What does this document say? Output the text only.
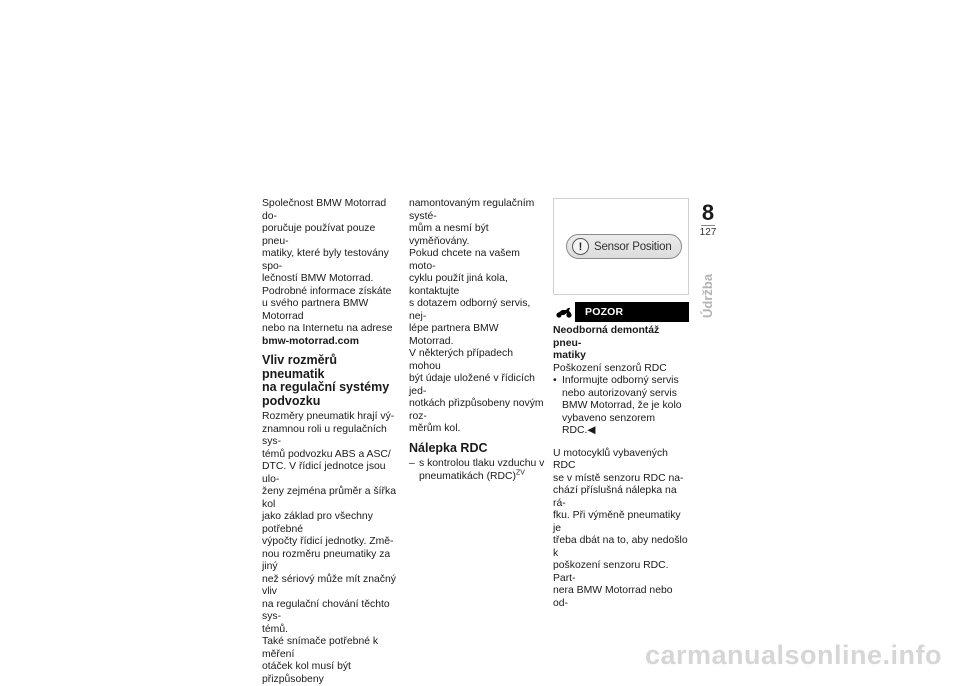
Společnost BMW Motorrad do-
poručuje používat pouze pneu-
matiky, které byly testovány spo-
lečností BMW Motorrad.
Podrobné informace získáte
u svého partnera BMW Motorrad
nebo na Internetu na adrese
bmw-motorrad.com

Vliv rozměrů pneumatik
na regulační systémy
podvozku

Rozměry pneumatik hrají vý-
znamnou roli u regulačních sys-
témů podvozku ABS a ASC/
DTC. V řídicí jednotce jsou ulo-
ženy zejména průměr a šířka kol
jako základ pro všechny potřebné
výpočty řídicí jednotky. Změ-
nou rozměru pneumatiky za jiný
než sériový může mít značný vliv
na regulační chování těchto sys-
témů.
Také snímače potřebné k měření
otáček kol musí být přizpůsobeny

namontovaným regulačním systé-
mům a nesmí být vyměňovány.
Pokud chcete na vašem moto-
cyklu použít jiná kola, kontaktujte
s dotazem odborný servis, nej-
lépe partnera BMW Motorrad.
V některých případech mohou
být údaje uložené v řídicích jed-
notkách přizpůsobeny novým roz-
měrům kol.

Nálepka RDC

– s kontrolou tlaku vzduchu v
pneumatikách (RDC)$^{ZV}$

!	Sensor Position
POZOR

Neodborná demontáž pneu-
matiky

Poškození senzorů RDC

• Informujte odborný servis
nebo autorizovaný servis
BMW Motorrad, že je kolo
vybaveno senzorem RDC.◀

U motocyklů vybavených RDC
se v místě senzoru RDC na-
chází příslušná nálepka na rá-
fku. Při výměně pneumatiky je
třeba dbát na to, aby nedošlo k
poškození senzoru RDC. Part-
nera BMW Motorrad nebo od-

8
127
Údržba
carmanualsonline.info
